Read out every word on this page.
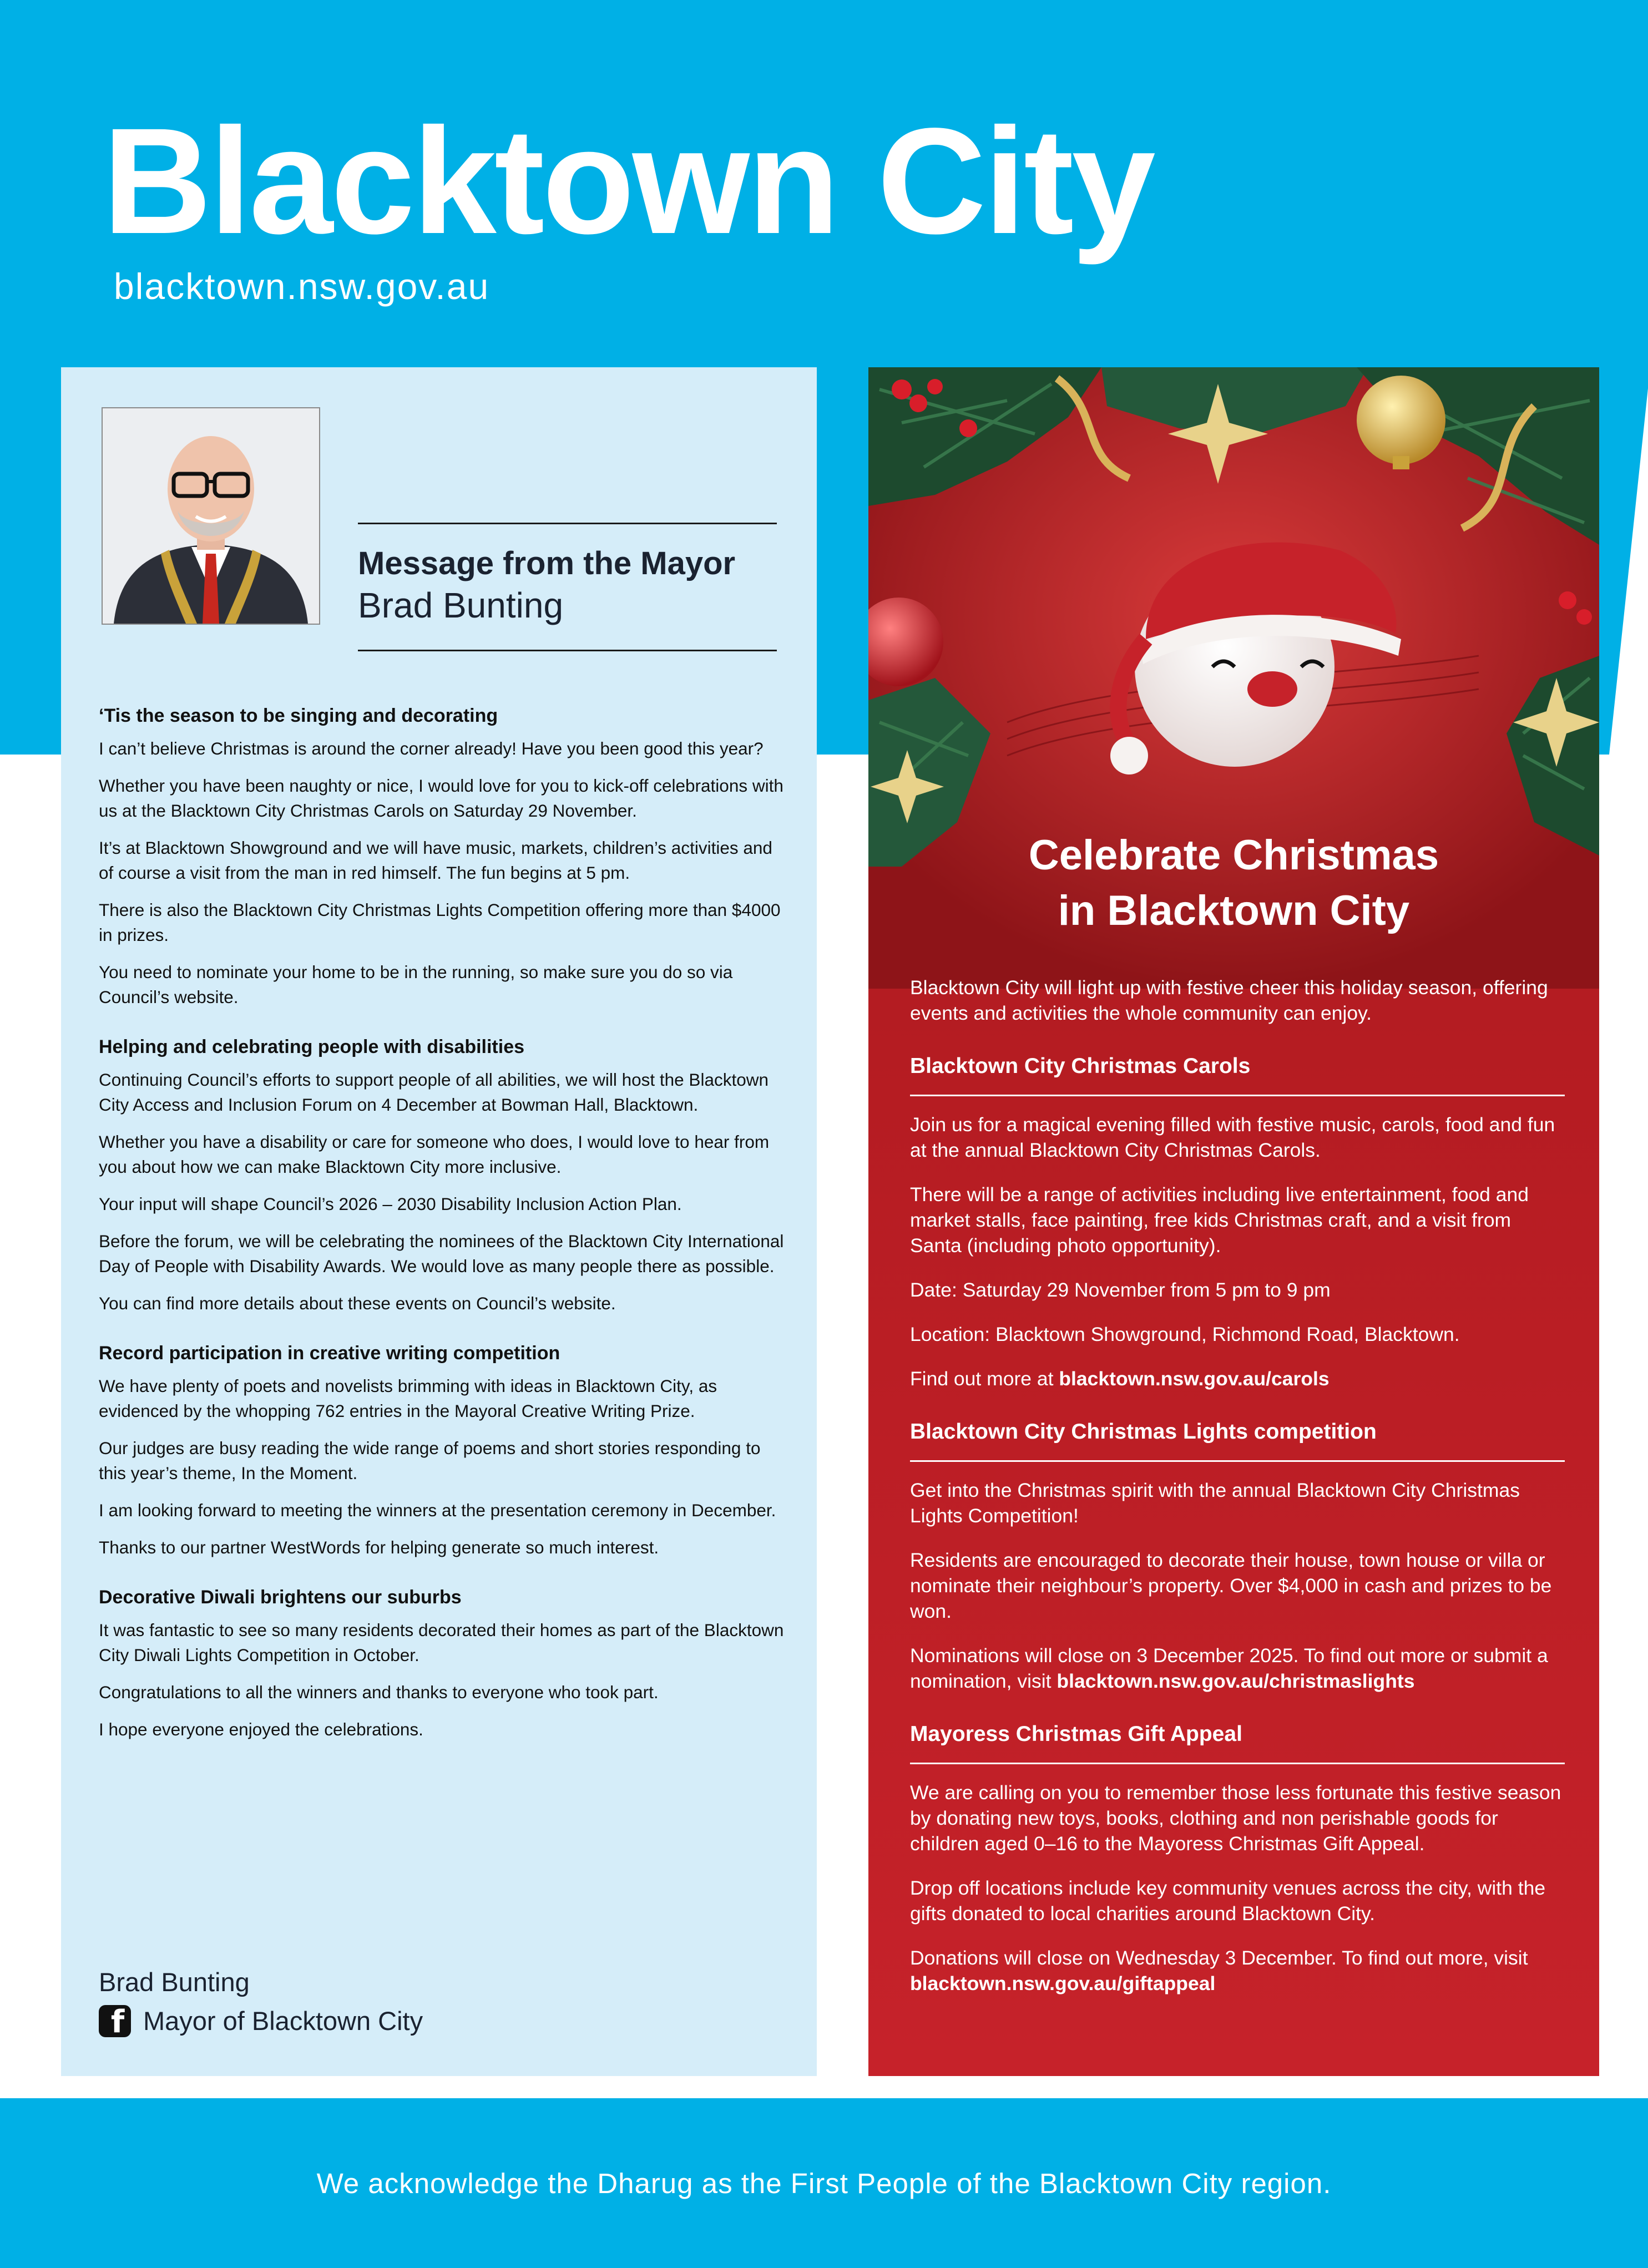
Blacktown City
blacktown.nsw.gov.au
Message from the Mayor
Brad Bunting
‘Tis the season to be singing and decorating

I can’t believe Christmas is around the corner already! Have you been good this year?

Whether you have been naughty or nice, I would love for you to kick-off celebrations with us at the Blacktown City Christmas Carols on Saturday 29 November.

It’s at Blacktown Showground and we will have music, markets, children’s activities and of course a visit from the man in red himself. The fun begins at 5 pm.

There is also the Blacktown City Christmas Lights Competition offering more than $4000 in prizes.

You need to nominate your home to be in the running, so make sure you do so via Council’s website.

Helping and celebrating people with disabilities

Continuing Council’s efforts to support people of all abilities, we will host the Blacktown City Access and Inclusion Forum on 4 December at Bowman Hall, Blacktown.

Whether you have a disability or care for someone who does, I would love to hear from you about how we can make Blacktown City more inclusive.

Your input will shape Council’s 2026 – 2030 Disability Inclusion Action Plan.

Before the forum, we will be celebrating the nominees of the Blacktown City International Day of People with Disability Awards. We would love as many people there as possible.

You can find more details about these events on Council’s website.

Record participation in creative writing competition

We have plenty of poets and novelists brimming with ideas in Blacktown City, as evidenced by the whopping 762 entries in the Mayoral Creative Writing Prize.

Our judges are busy reading the wide range of poems and short stories responding to this year’s theme, In the Moment.

I am looking forward to meeting the winners at the presentation ceremony in December.

Thanks to our partner WestWords for helping generate so much interest.

Decorative Diwali brightens our suburbs

It was fantastic to see so many residents decorated their homes as part of the Blacktown City Diwali Lights Competition in October.

Congratulations to all the winners and thanks to everyone who took part.

I hope everyone enjoyed the celebrations.

Brad Bunting
f Mayor of Blacktown City
Celebrate Christmas
in Blacktown City

Blacktown City will light up with festive cheer this holiday season, offering events and activities the whole community can enjoy.

Blacktown City Christmas Carols

Join us for a magical evening filled with festive music, carols, food and fun at the annual Blacktown City Christmas Carols.

There will be a range of activities including live entertainment, food and market stalls, face painting, free kids Christmas craft, and a visit from Santa (including photo opportunity).

Date: Saturday 29 November from 5 pm to 9 pm

Location: Blacktown Showground, Richmond Road, Blacktown.

Find out more at blacktown.nsw.gov.au/carols

Blacktown City Christmas Lights competition

Get into the Christmas spirit with the annual Blacktown City Christmas Lights Competition!

Residents are encouraged to decorate their house, town house or villa or nominate their neighbour’s property. Over $4,000 in cash and prizes to be won.

Nominations will close on 3 December 2025. To find out more or submit a nomination, visit blacktown.nsw.gov.au/christmaslights

Mayoress Christmas Gift Appeal

We are calling on you to remember those less fortunate this festive season by donating new toys, books, clothing and non perishable goods for children aged 0–16 to the Mayoress Christmas Gift Appeal.

Drop off locations include key community venues across the city, with the gifts donated to local charities around Blacktown City.

Donations will close on Wednesday 3 December. To find out more, visit blacktown.nsw.gov.au/giftappeal

We acknowledge the Dharug as the First People of the Blacktown City region.
